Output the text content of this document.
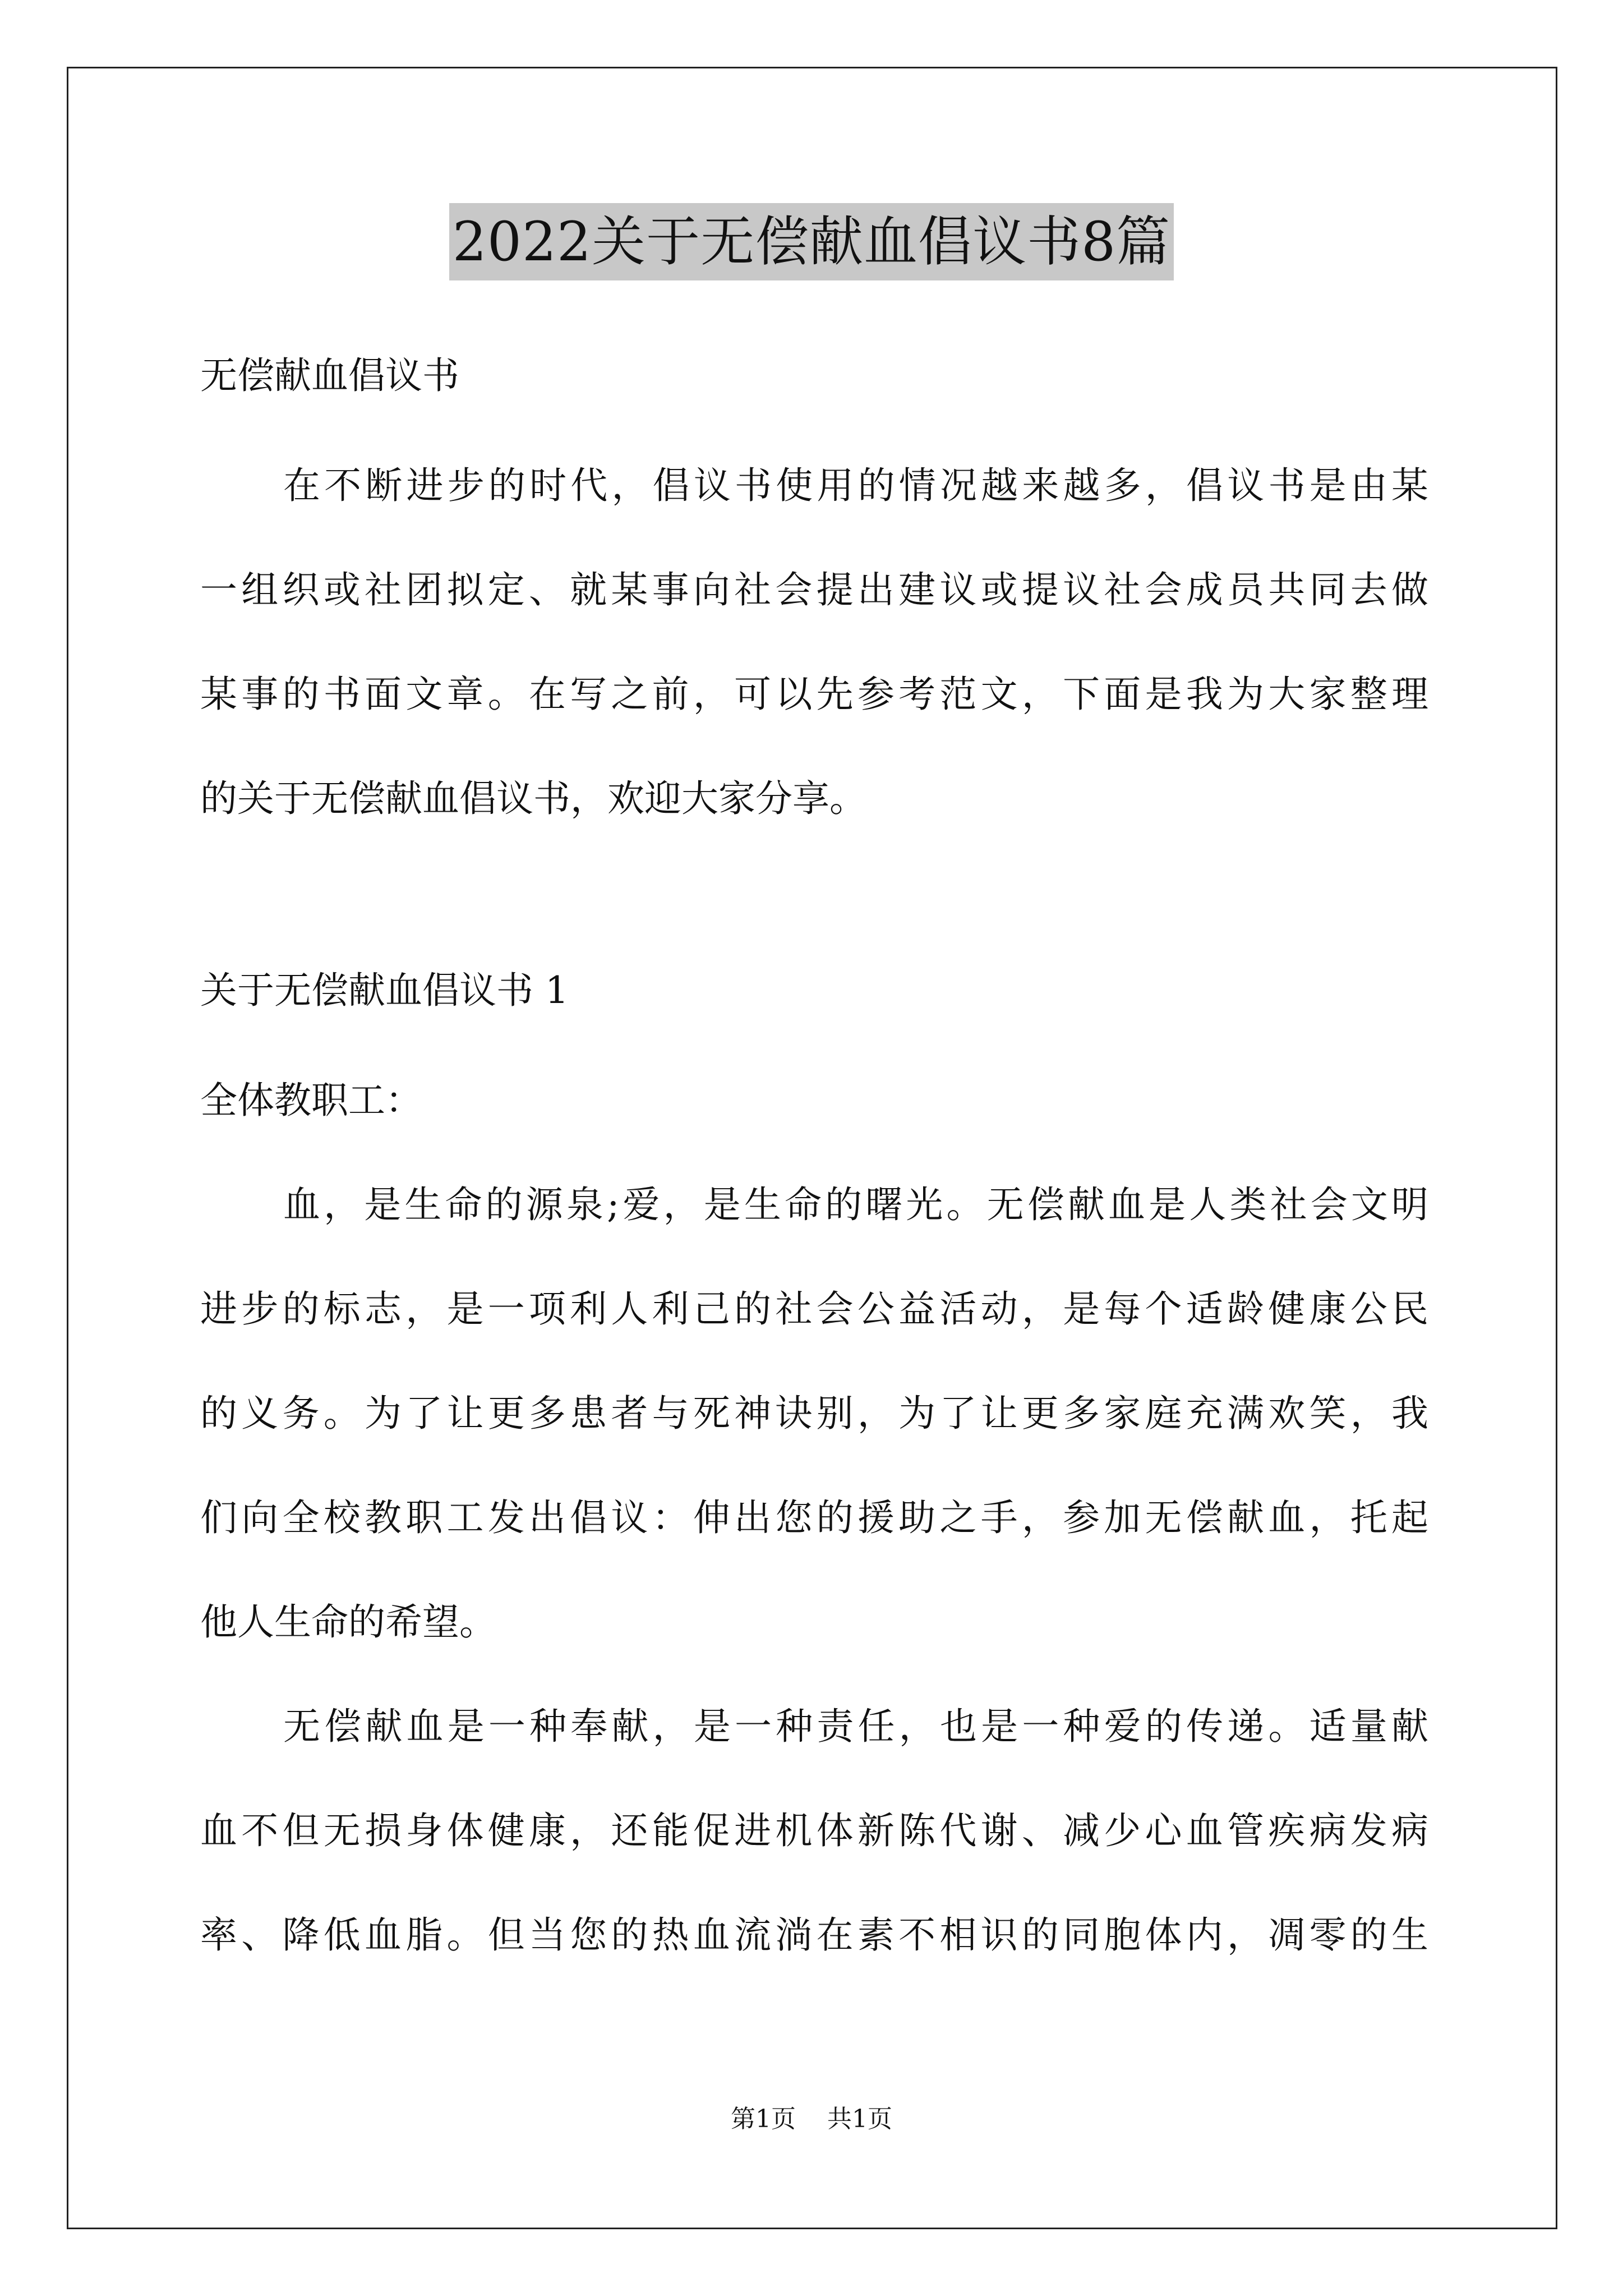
2022关于无偿献血倡议书8篇
无偿献血倡议书
在不断进步的时代，倡议书使用的情况越来越多，倡议书是由某
一组织或社团拟定、就某事向社会提出建议或提议社会成员共同去做
某事的书面文章。在写之前，可以先参考范文，下面是我为大家整理
的关于无偿献血倡议书，欢迎大家分享。
关于无偿献血倡议书 1
全体教职工：
血，是生命的源泉;爱，是生命的曙光。无偿献血是人类社会文明
进步的标志，是一项利人利己的社会公益活动，是每个适龄健康公民
的义务。为了让更多患者与死神诀别，为了让更多家庭充满欢笑，我
们向全校教职工发出倡议：伸出您的援助之手，参加无偿献血，托起
他人生命的希望。
无偿献血是一种奉献，是一种责任，也是一种爱的传递。适量献
血不但无损身体健康，还能促进机体新陈代谢、减少心血管疾病发病
率、降低血脂。但当您的热血流淌在素不相识的同胞体内，凋零的生
第1页 共1页
